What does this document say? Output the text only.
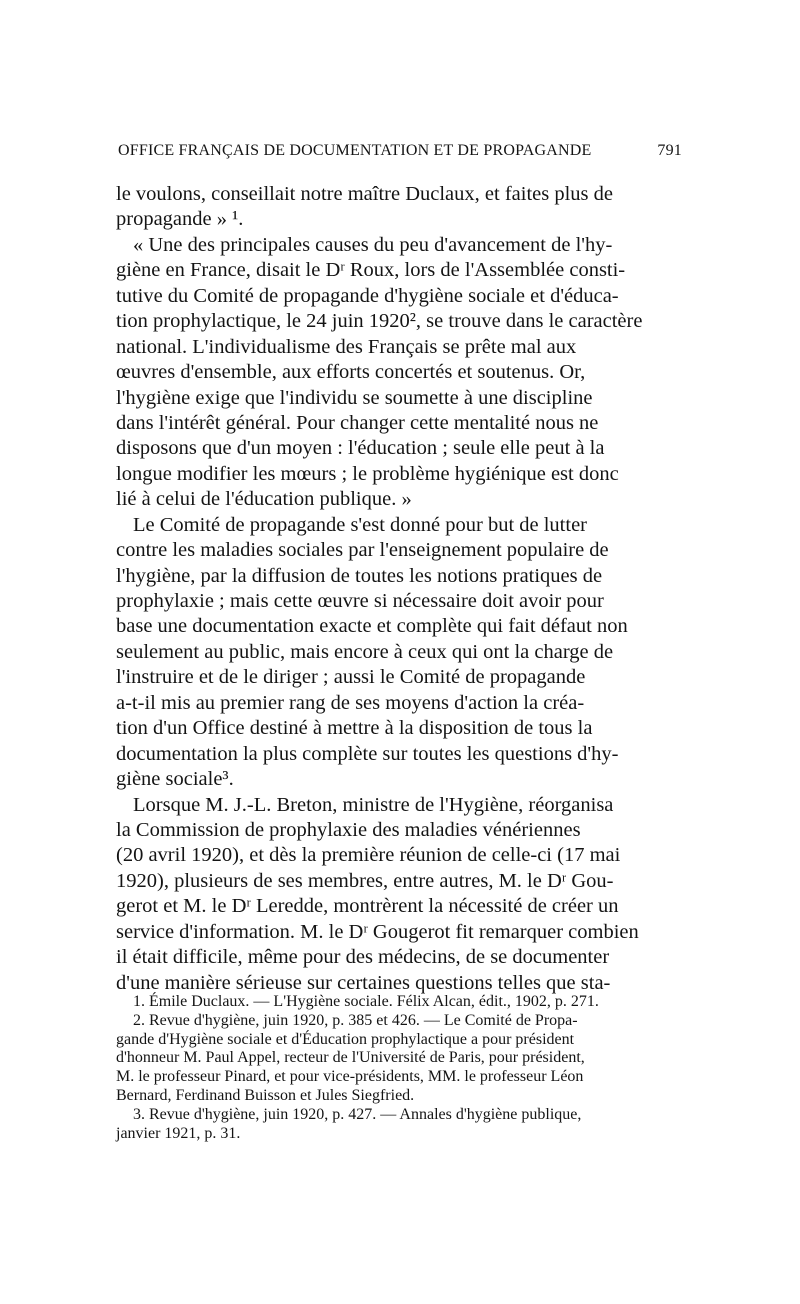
OFFICE FRANÇAIS DE DOCUMENTATION ET DE PROPAGANDE	791
le voulons, conseillait notre maître Duclaux, et faites plus de
propagande » ¹.
« Une des principales causes du peu d'avancement de l'hy-
giène en France, disait le Dʳ Roux, lors de l'Assemblée consti-
tutive du Comité de propagande d'hygiène sociale et d'éduca-
tion prophylactique, le 24 juin 1920², se trouve dans le caractère
national. L'individualisme des Français se prête mal aux
œuvres d'ensemble, aux efforts concertés et soutenus. Or,
l'hygiène exige que l'individu se soumette à une discipline
dans l'intérêt général. Pour changer cette mentalité nous ne
disposons que d'un moyen : l'éducation ; seule elle peut à la
longue modifier les mœurs ; le problème hygiénique est donc
lié à celui de l'éducation publique. »
Le Comité de propagande s'est donné pour but de lutter
contre les maladies sociales par l'enseignement populaire de
l'hygiène, par la diffusion de toutes les notions pratiques de
prophylaxie ; mais cette œuvre si nécessaire doit avoir pour
base une documentation exacte et complète qui fait défaut non
seulement au public, mais encore à ceux qui ont la charge de
l'instruire et de le diriger ; aussi le Comité de propagande
a-t-il mis au premier rang de ses moyens d'action la créa-
tion d'un Office destiné à mettre à la disposition de tous la
documentation la plus complète sur toutes les questions d'hy-
giène sociale³.
Lorsque M. J.-L. Breton, ministre de l'Hygiène, réorganisa
la Commission de prophylaxie des maladies vénériennes
(20 avril 1920), et dès la première réunion de celle-ci (17 mai
1920), plusieurs de ses membres, entre autres, M. le Dʳ Gou-
gerot et M. le Dʳ Leredde, montrèrent la nécessité de créer un
service d'information. M. le Dʳ Gougerot fit remarquer combien
il était difficile, même pour des médecins, de se documenter
d'une manière sérieuse sur certaines questions telles que sta-
1. Émile Duclaux. — L'Hygiène sociale. Félix Alcan, édit., 1902, p. 271.
2. Revue d'hygiène, juin 1920, p. 385 et 426. — Le Comité de Propa-
gande d'Hygiène sociale et d'Éducation prophylactique a pour président
d'honneur M. Paul Appel, recteur de l'Université de Paris, pour président,
M. le professeur Pinard, et pour vice-présidents, MM. le professeur Léon
Bernard, Ferdinand Buisson et Jules Siegfried.
3. Revue d'hygiène, juin 1920, p. 427. — Annales d'hygiène publique,
janvier 1921, p. 31.
